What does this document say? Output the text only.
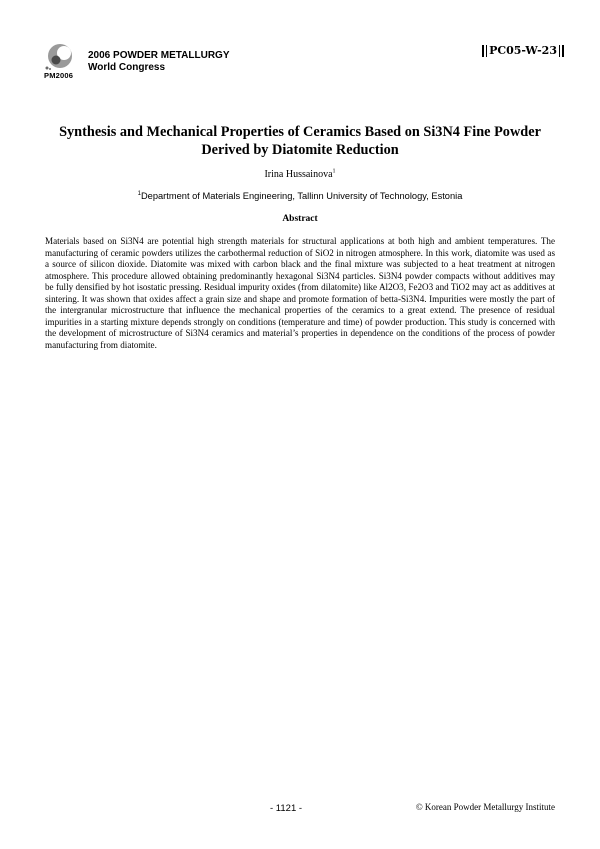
PM2006
2006 POWDER METALLURGY
World Congress
PC05-W-23
Synthesis and Mechanical Properties of Ceramics Based on Si3N4 Fine Powder Derived by Diatomite Reduction
Irina Hussainova$^1$
$^1$Department of Materials Engineering, Tallinn University of Technology, Estonia
Abstract

Materials based on Si3N4 are potential high strength materials for structural applications at both high and ambient temperatures. The manufacturing of ceramic powders utilizes the carbothermal reduction of SiO2 in nitrogen atmosphere. In this work, diatomite was used as a source of silicon dioxide. Diatomite was mixed with carbon black and the final mixture was subjected to a heat treatment at nitrogen atmosphere. This procedure allowed obtaining predominantly hexagonal Si3N4 particles. Si3N4 powder compacts without additives may be fully densified by hot isostatic pressing. Residual impurity oxides (from dilatomite) like Al2O3, Fe2O3 and TiO2 may act as additives at sintering. It was shown that oxides affect a grain size and shape and promote formation of betta-Si3N4. Impurities were mostly the part of the intergranular microstructure that influence the mechanical properties of the ceramics to a great extend. The presence of residual impurities in a starting mixture depends strongly on conditions (temperature and time) of powder production. This study is concerned with the development of microstructure of Si3N4 ceramics and material’s properties in dependence on the conditions of the process of powder manufacturing from diatomite.

- 1121 -	© Korean Powder Metallurgy Institute
